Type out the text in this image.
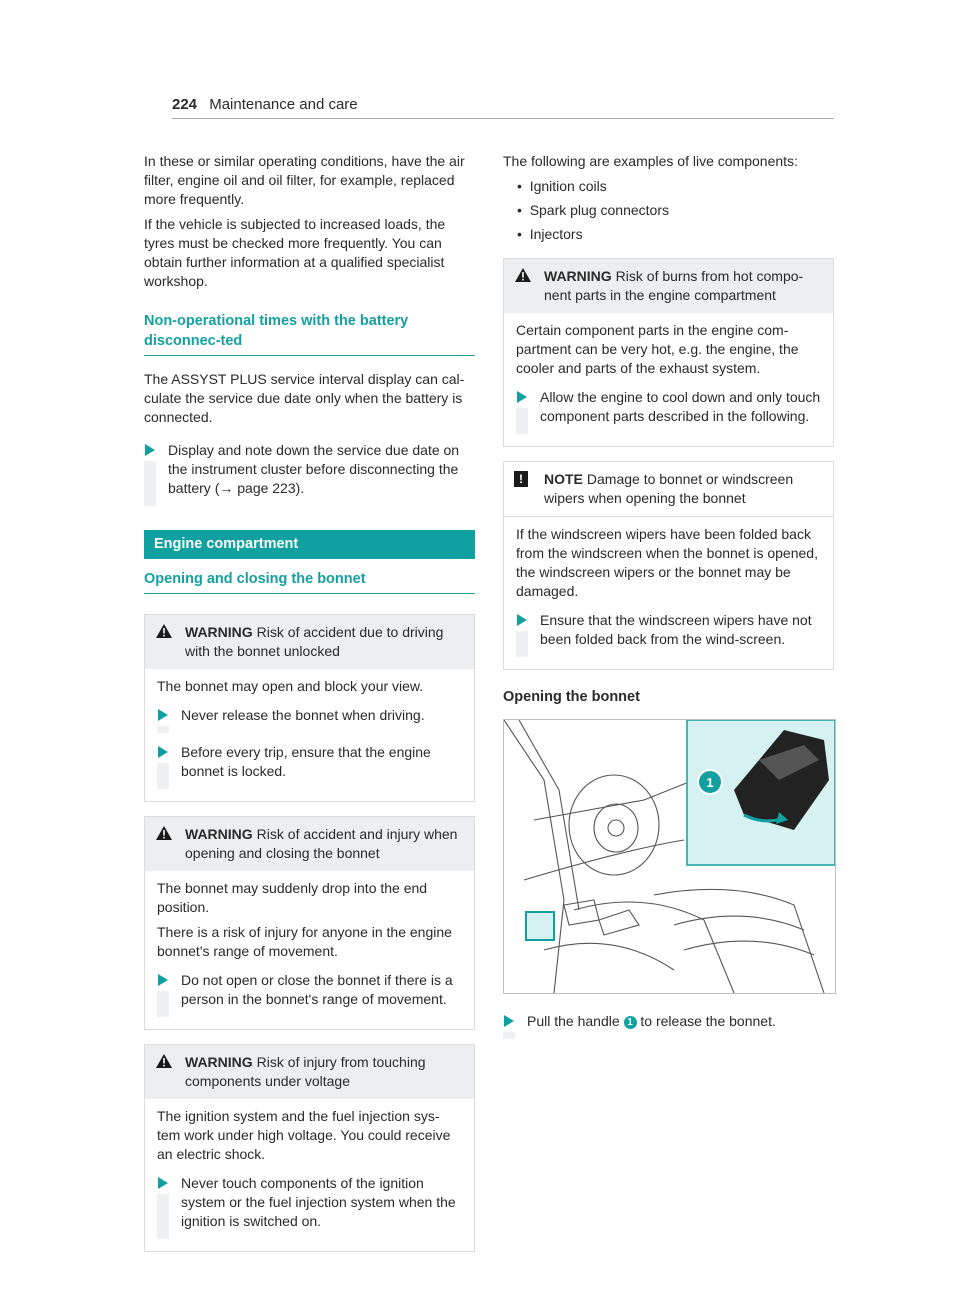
224 Maintenance and care

In these or similar operating conditions, have the air filter, engine oil and oil filter, for example, replaced more frequently.

If the vehicle is subjected to increased loads, the tyres must be checked more frequently. You can obtain further information at a qualified specialist workshop.

Non-operational times with the battery disconnec-ted

The ASSYST PLUS service interval display can cal-culate the service due date only when the battery is connected.

Display and note down the service due date on the instrument cluster before disconnecting the battery (→ page 223).
Engine compartment
Opening and closing the bonnet
WARNING Risk of accident due to driving with the bonnet unlocked

The bonnet may open and block your view.

Never release the bonnet when driving.
Before every trip, ensure that the engine bonnet is locked.
WARNING Risk of accident and injury when opening and closing the bonnet

The bonnet may suddenly drop into the end position.

There is a risk of injury for anyone in the engine bonnet's range of movement.

Do not open or close the bonnet if there is a person in the bonnet's range of movement.
WARNING Risk of injury from touching components under voltage

The ignition system and the fuel injection sys-tem work under high voltage. You could receive an electric shock.

Never touch components of the ignition system or the fuel injection system when the ignition is switched on.

The following are examples of live components:

•  Ignition coils
•  Spark plug connectors
•  Injectors
WARNING Risk of burns from hot compo-nent parts in the engine compartment

Certain component parts in the engine com-partment can be very hot, e.g. the engine, the cooler and parts of the exhaust system.

Allow the engine to cool down and only touch component parts described in the following.
!	NOTE Damage to bonnet or windscreen wipers when opening the bonnet

If the windscreen wipers have been folded back from the windscreen when the bonnet is opened, the windscreen wipers or the bonnet may be damaged.

Ensure that the windscreen wipers have not been folded back from the wind-screen.
Opening the bonnet
1
Pull the handle 1 to release the bonnet.
